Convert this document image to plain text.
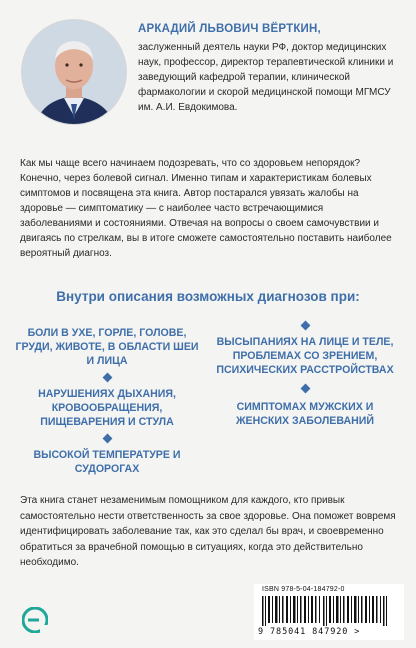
АРКАДИЙ ЛЬВОВИЧ ВЁРТКИН,
заслуженный деятель науки РФ, доктор медицинских наук, профессор, директор терапевтической клиники и заведующий кафедрой терапии, клинической фармакологии и скорой медицинской помощи МГМСУ им. А.И. Евдокимова.
Как мы чаще всего начинаем подозревать, что со здоровьем непорядок? Конечно, через болевой сигнал. Именно типам и характеристикам болевых симптомов и посвящена эта книга. Автор постарался увязать жалобы на здоровье — симптоматику — с наиболее часто встречающимися заболеваниями и состояниями. Отвечая на вопросы о своем самочувствии и двигаясь по стрелкам, вы в итоге сможете самостоятельно поставить наиболее вероятный диагноз.
Внутри описания возможных диагнозов при:
БОЛИ В УХЕ, ГОРЛЕ, ГОЛОВЕ, ГРУДИ, ЖИВОТЕ, В ОБЛАСТИ ШЕИ И ЛИЦА
НАРУШЕНИЯХ ДЫХАНИЯ, КРОВООБРАЩЕНИЯ, ПИЩЕВАРЕНИЯ И СТУЛА
ВЫСОКОЙ ТЕМПЕРАТУРЕ И СУДОРОГАХ
ВЫСЫПАНИЯХ НА ЛИЦЕ И ТЕЛЕ, ПРОБЛЕМАХ СО ЗРЕНИЕМ, ПСИХИЧЕСКИХ РАССТРОЙСТВАХ
СИМПТОМАХ МУЖСКИХ И ЖЕНСКИХ ЗАБОЛЕВАНИЙ
Эта книга станет незаменимым помощником для каждого, кто привык самостоятельно нести ответственность за свое здоровье. Она поможет вовремя идентифицировать заболевание так, как это сделал бы врач, и своевременно обратиться за врачебной помощью в ситуациях, когда это действительно необходимо.
ISBN 978-5-04-184792-0
9 785041 847920 >
